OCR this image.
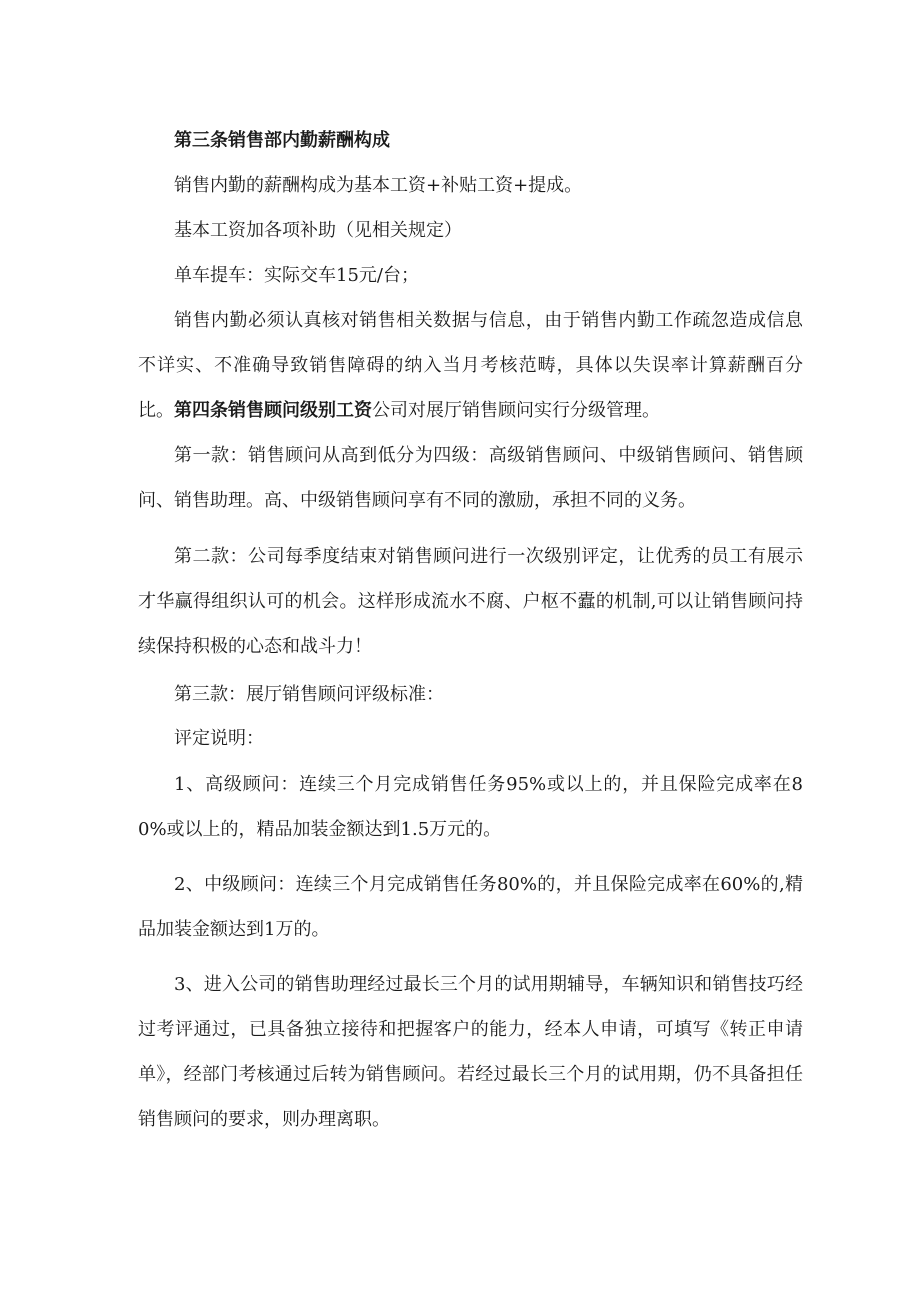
第三条销售部内勤薪酬构成

销售内勤的薪酬构成为基本工资+补贴工资+提成。

基本工资加各项补助（见相关规定）

单车提车：实际交车15元/台；

销售内勤必须认真核对销售相关数据与信息，由于销售内勤工作疏忽造成信息不详实、不准确导致销售障碍的纳入当月考核范畴，具体以失误率计算薪酬百分比。 第四条销售顾问级别工资公司对展厅销售顾问实行分级管理。

第一款：销售顾问从高到低分为四级：高级销售顾问、中级销售顾问、销售顾问、销售助理。高、中级销售顾问享有不同的激励，承担不同的义务。

第二款：公司每季度结束对销售顾问进行一次级别评定，让优秀的员工有展示才华赢得组织认可的机会。这样形成流水不腐、户枢不蠹的机制,可以让销售顾问持续保持积极的心态和战斗力！

第三款：展厅销售顾问评级标准：

评定说明：

1、高级顾问：连续三个月完成销售任务95%或以上的，并且保险完成率在80%或以上的，精品加装金额达到1.5万元的。

2、中级顾问：连续三个月完成销售任务80%的，并且保险完成率在60%的,精品加装金额达到1万的。

3、进入公司的销售助理经过最长三个月的试用期辅导，车辆知识和销售技巧经过考评通过，已具备独立接待和把握客户的能力，经本人申请，可填写《转正申请单》，经部门考核通过后转为销售顾问。若经过最长三个月的试用期，仍不具备担任销售顾问的要求，则办理离职。
